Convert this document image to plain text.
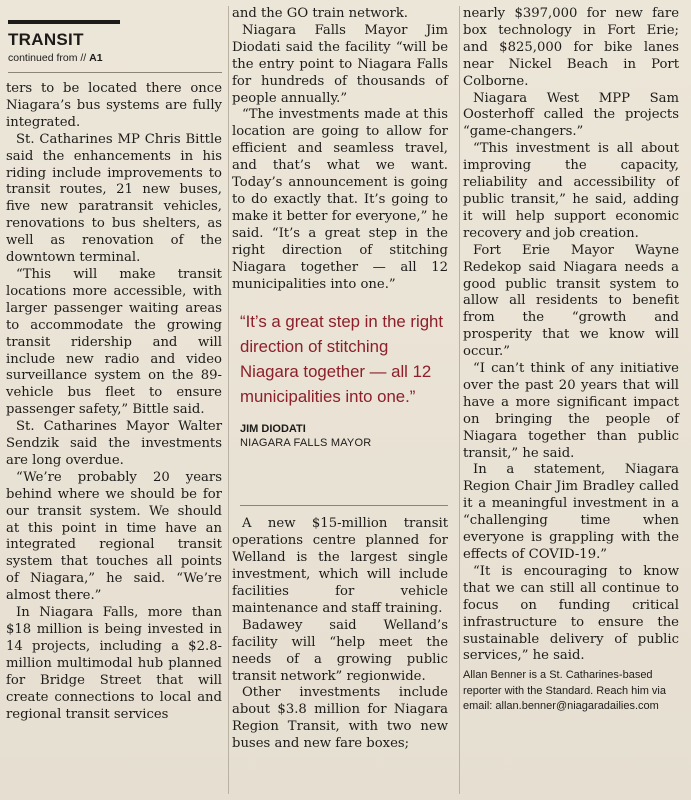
TRANSIT
continued from // A1

ters to be located there once Niagara’s bus systems are fully integrated.

St. Catharines MP Chris Bittle said the enhancements in his riding include improvements to transit routes, 21 new buses, five new paratransit vehicles, renovations to bus shelters, as well as renovation of the downtown terminal.

“This will make transit locations more accessible, with larger passenger waiting areas to accommodate the growing transit ridership and will include new radio and video surveillance system on the 89-vehicle bus fleet to ensure passenger safety,” Bittle said.

St. Catharines Mayor Walter Sendzik said the investments are long overdue.

“We’re probably 20 years behind where we should be for our transit system. We should at this point in time have an integrated regional transit system that touches all points of Niagara,” he said. “We’re almost there.”

In Niagara Falls, more than $18 million is being invested in 14 projects, including a $2.8-million multimodal hub planned for Bridge Street that will create connections to local and regional transit services

and the GO train network.

Niagara Falls Mayor Jim Diodati said the facility “will be the entry point to Niagara Falls for hundreds of thousands of people annually.”

“The investments made at this location are going to allow for efficient and seamless travel, and that’s what we want. Today’s announcement is going to do exactly that. It’s going to make it better for everyone,” he said. “It’s a great step in the right direction of stitching Niagara together — all 12 municipalities into one.”

“It’s a great step in the right direction of stitching Niagara together — all 12 municipalities into one.”

JIM DIODATI
NIAGARA FALLS MAYOR

A new $15-million transit operations centre planned for Welland is the largest single investment, which will include facilities for vehicle maintenance and staff training.

Badawey said Welland’s facility will “help meet the needs of a growing public transit network” regionwide.

Other investments include about $3.8 million for Niagara Region Transit, with two new buses and new fare boxes;

nearly $397,000 for new fare box technology in Fort Erie; and $825,000 for bike lanes near Nickel Beach in Port Colborne.

Niagara West MPP Sam Oosterhoff called the projects “game-changers.”

“This investment is all about improving the capacity, reliability and accessibility of public transit,” he said, adding it will help support economic recovery and job creation.

Fort Erie Mayor Wayne Redekop said Niagara needs a good public transit system to allow all residents to benefit from the “growth and prosperity that we know will occur.”

“I can’t think of any initiative over the past 20 years that will have a more significant impact on bringing the people of Niagara together than public transit,” he said.

In a statement, Niagara Region Chair Jim Bradley called it a meaningful investment in a “challenging time when everyone is grappling with the effects of COVID-19.”

“It is encouraging to know that we can still all continue to focus on funding critical infrastructure to ensure the sustainable delivery of public services,” he said.

Allan Benner is a St. Catharines-based reporter with the Standard. Reach him via email: allan.benner@niagaradailies.com
